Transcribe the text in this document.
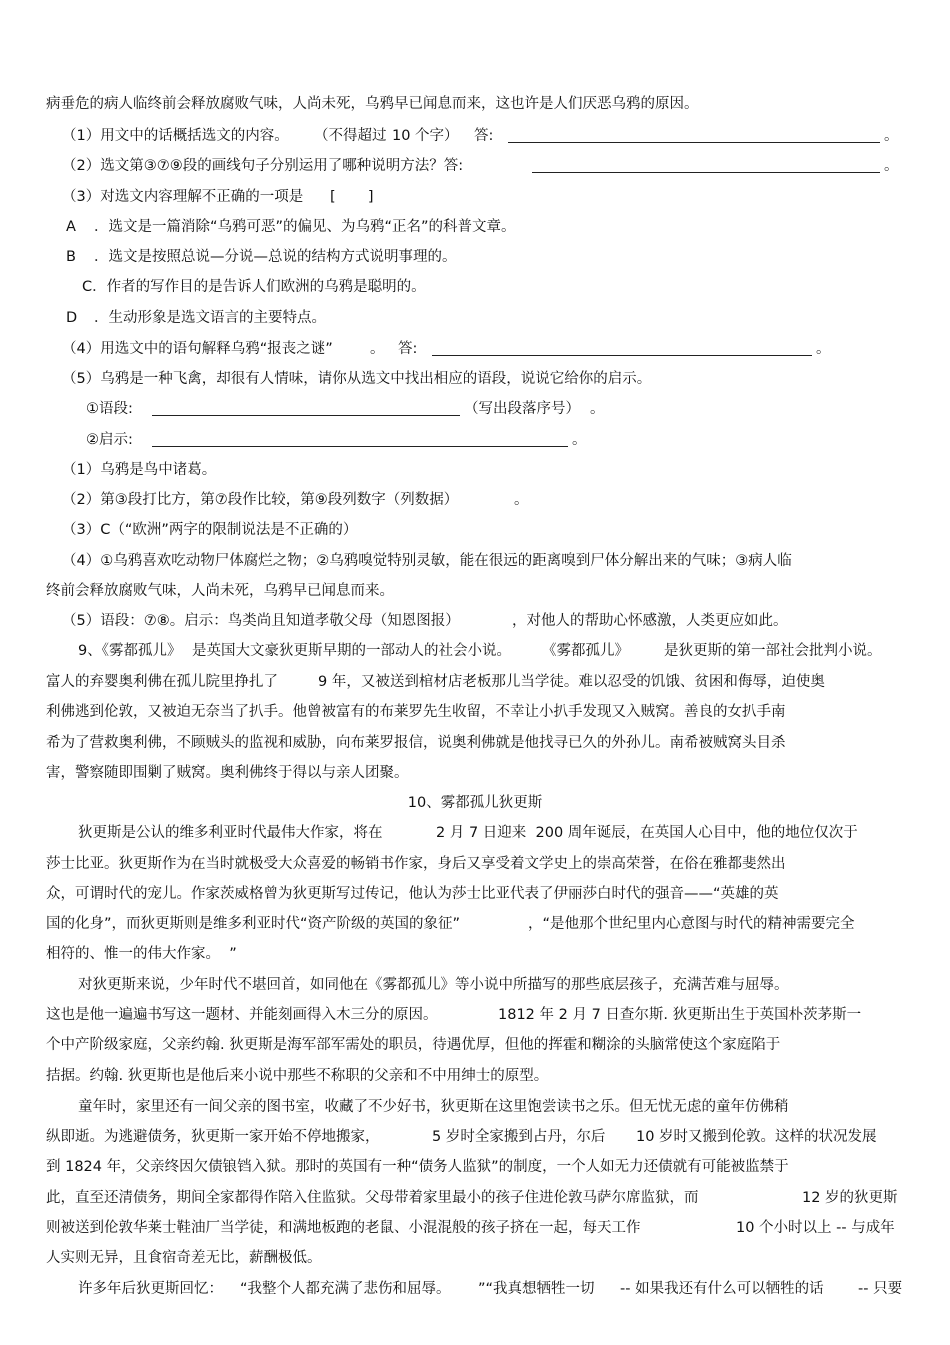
病垂危的病人临终前会释放腐败气味，人尚未死，乌鸦早已闻息而来，这也许是人们厌恶乌鸦的原因。
（1）用文中的话概括选文的内容。 （不得超过 10 个字） 答:	。
（2）选文第③⑦⑨段的画线句子分别运用了哪种说明方法？答:	。
（3）对选文内容理解不正确的一项是 [       ]
A ．选文是一篇消除“乌鸦可恶”的偏见、为乌鸦“正名”的科普文章。
B ．选文是按照总说—分说—总说的结构方式说明事理的。
C．作者的写作目的是告诉人们欧洲的乌鸦是聪明的。
D ．生动形象是选文语言的主要特点。
（4）用选文中的语句解释乌鸦“报丧之谜”	。 答:	。
（5）乌鸦是一种飞禽，却很有人情味，请你从选文中找出相应的语段，说说它给你的启示。
①语段:	（写出段落序号） 。
②启示:	。
（1）乌鸦是鸟中诸葛。
（2）第③段打比方，第⑦段作比较，第⑨段列数字（列数据）	。
（3）C（“欧洲”两字的限制说法是不正确的）
（4）①乌鸦喜欢吃动物尸体腐烂之物；②乌鸦嗅觉特别灵敏，能在很远的距离嗅到尸体分解出来的气味；③病人临
终前会释放腐败气味，人尚未死，乌鸦早已闻息而来。
（5）语段：⑦⑧。启示：鸟类尚且知道孝敬父母（知恩图报）	，对他人的帮助心怀感激，人类更应如此。
9、《雾都孤儿》 是英国大文豪狄更斯早期的一部动人的社会小说。 《雾都孤儿》 是狄更斯的第一部社会批判小说。
富人的弃婴奥利佛在孤儿院里挣扎了	9 年，又被送到棺材店老板那儿当学徒。难以忍受的饥饿、贫困和侮辱，迫使奥
利佛逃到伦敦，又被迫无奈当了扒手。他曾被富有的布莱罗先生收留，不幸让小扒手发现又入贼窝。善良的女扒手南
希为了营救奥利佛，不顾贼头的监视和威胁，向布莱罗报信，说奥利佛就是他找寻已久的外孙儿。南希被贼窝头目杀
害，警察随即围剿了贼窝。奥利佛终于得以与亲人团聚。
10、雾都孤儿狄更斯
狄更斯是公认的维多利亚时代最伟大作家，将在	2 月 7 日迎来  200 周年诞辰，在英国人心目中，他的地位仅次于
莎士比亚。狄更斯作为在当时就极受大众喜爱的畅销书作家，身后又享受着文学史上的崇高荣誉，在俗在雅都斐然出
众，可谓时代的宠儿。作家茨威格曾为狄更斯写过传记，他认为莎士比亚代表了伊丽莎白时代的强音——“英雄的英
国的化身”，而狄更斯则是维多利亚时代“资产阶级的英国的象征”	，“是他那个世纪里内心意图与时代的精神需要完全
相符的、惟一的伟大作家。  ”
对狄更斯来说，少年时代不堪回首，如同他在《雾都孤儿》等小说中所描写的那些底层孩子，充满苦难与屈辱。
这也是他一遍遍书写这一题材、并能刻画得入木三分的原因。	1812 年 2 月 7 日查尔斯. 狄更斯出生于英国朴茨茅斯一
个中产阶级家庭，父亲约翰. 狄更斯是海军部军需处的职员，待遇优厚，但他的挥霍和糊涂的头脑常使这个家庭陷于
拮据。约翰. 狄更斯也是他后来小说中那些不称职的父亲和不中用绅士的原型。
童年时，家里还有一间父亲的图书室，收藏了不少好书，狄更斯在这里饱尝读书之乐。但无忧无虑的童年仿佛稍
纵即逝。为逃避债务，狄更斯一家开始不停地搬家，	5 岁时全家搬到占丹，尔后 10 岁时又搬到伦敦。这样的状况发展
到 1824 年，父亲终因欠债锒铛入狱。那时的英国有一种“债务人监狱”的制度，一个人如无力还债就有可能被监禁于
此，直至还清债务，期间全家都得作陪入住监狱。父母带着家里最小的孩子住进伦敦马萨尔席监狱，而	12 岁的狄更斯
则被送到伦敦华莱士鞋油厂当学徒，和满地板跑的老鼠、小混混般的孩子挤在一起，每天工作	10 个小时以上 -- 与成年
人实则无异，且食宿奇差无比，薪酬极低。
许多年后狄更斯回忆： “我整个人都充满了悲伤和屈辱。 ”“我真想牺牲一切 -- 如果我还有什么可以牺牲的话 -- 只要
